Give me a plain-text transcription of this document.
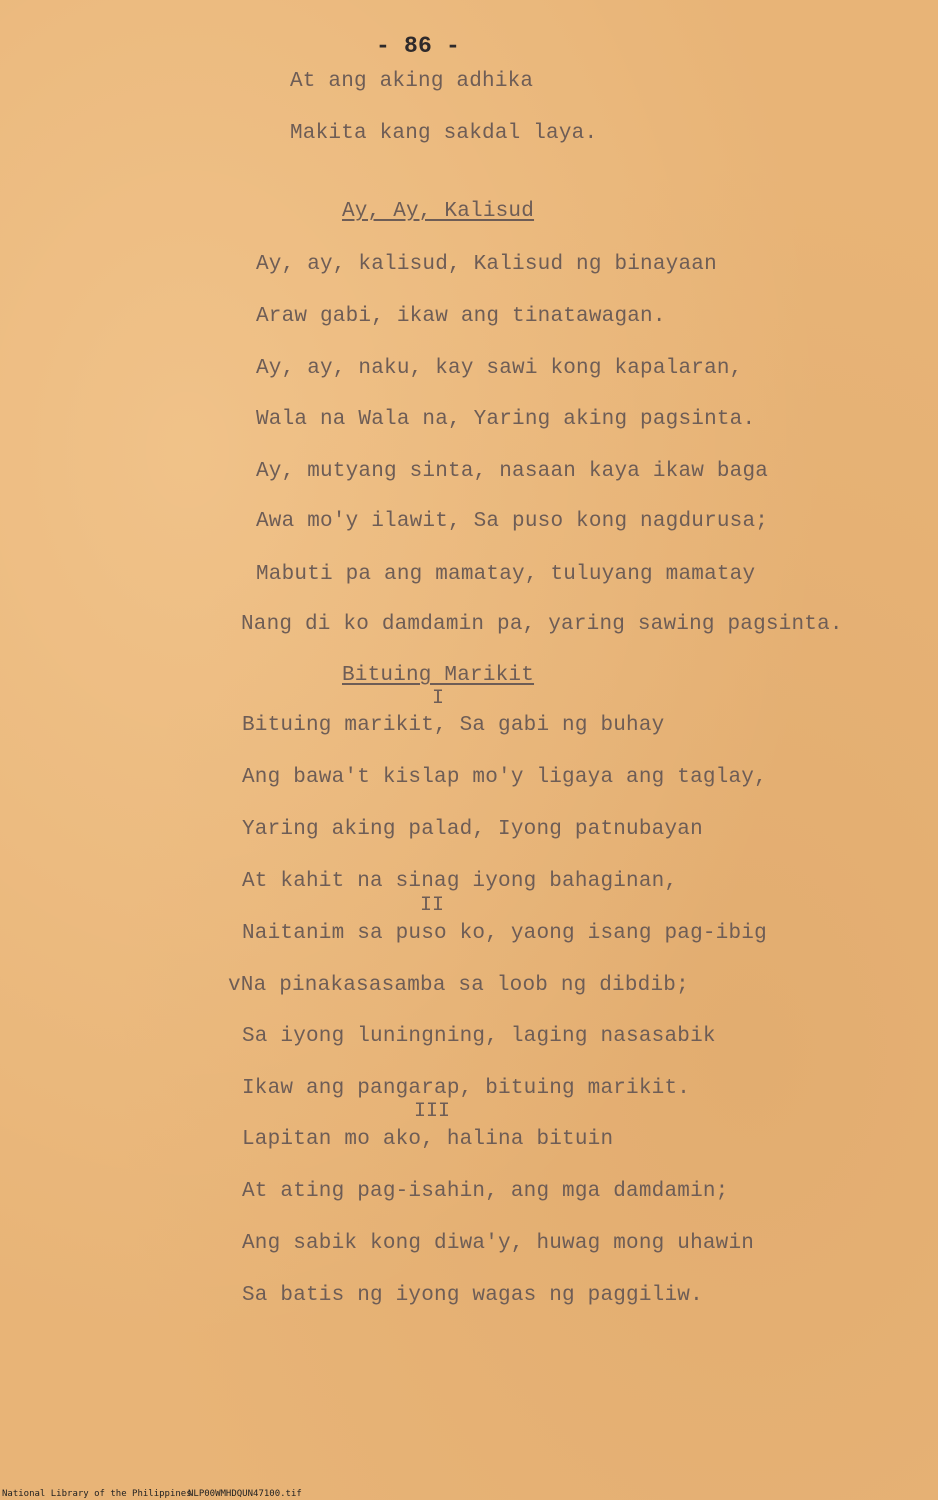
- 86 -
At ang aking adhika
Makita kang sakdal laya.
Ay, Ay, Kalisud
Ay, ay, kalisud, Kalisud ng binayaan
Araw gabi, ikaw ang tinatawagan.
Ay, ay, naku, kay sawi kong kapalaran,
Wala na Wala na, Yaring aking pagsinta.
Ay, mutyang sinta, nasaan kaya ikaw baga
Awa mo'y ilawit, Sa puso kong nagdurusa;
Mabuti pa ang mamatay, tuluyang mamatay
Nang di ko damdamin pa, yaring sawing pagsinta.
Bituing Marikit
I
Bituing marikit, Sa gabi ng buhay
Ang bawa't kislap mo'y ligaya ang taglay,
Yaring aking palad, Iyong patnubayan
At kahit na sinag iyong bahaginan,
II
Naitanim sa puso ko, yaong isang pag-ibig
vNa pinakasasamba sa loob ng dibdib;
Sa iyong luningning, laging nasasabik
Ikaw ang pangarap, bituing marikit.
III
Lapitan mo ako, halina bituin
At ating pag-isahin, ang mga damdamin;
Ang sabik kong diwa'y, huwag mong uhawin
Sa batis ng iyong wagas ng paggiliw.
National Library of the Philippines
NLP00WMHDQUN47100.tif
